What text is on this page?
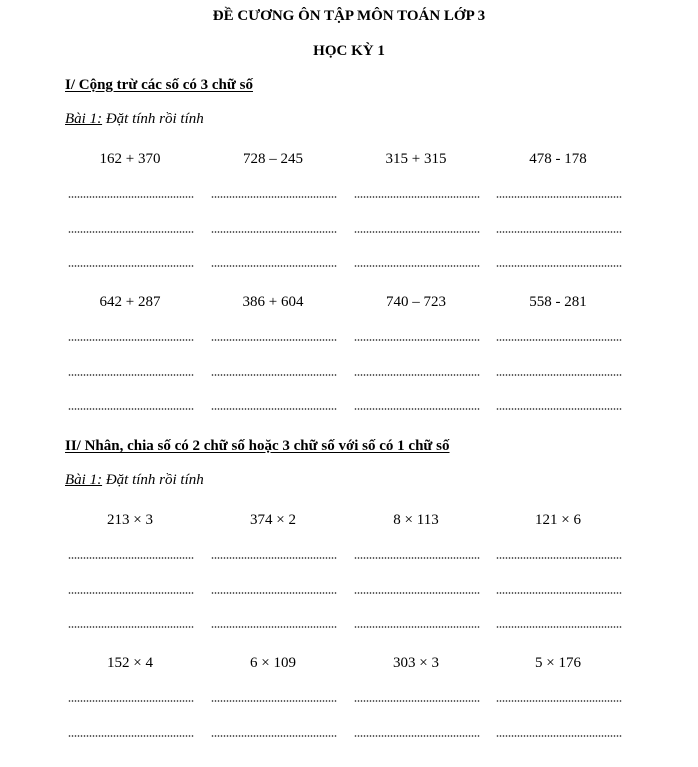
ĐỀ CƯƠNG ÔN TẬP MÔN TOÁN LỚP 3
HỌC KỲ 1
I/ Cộng trừ các số có 3 chữ số
Bài 1: Đặt tính rồi tính
II/ Nhân, chia số có 2 chữ số hoặc 3 chữ số với số có 1 chữ số
Bài 1: Đặt tính rồi tính
162 + 370	728 – 245	315 + 315	478 - 178
642 + 287	386 + 604	740 – 723	558 - 281
213 × 3	374 × 2	8 × 113	121 × 6
152 × 4	6 × 109	303 × 3	5 × 176
